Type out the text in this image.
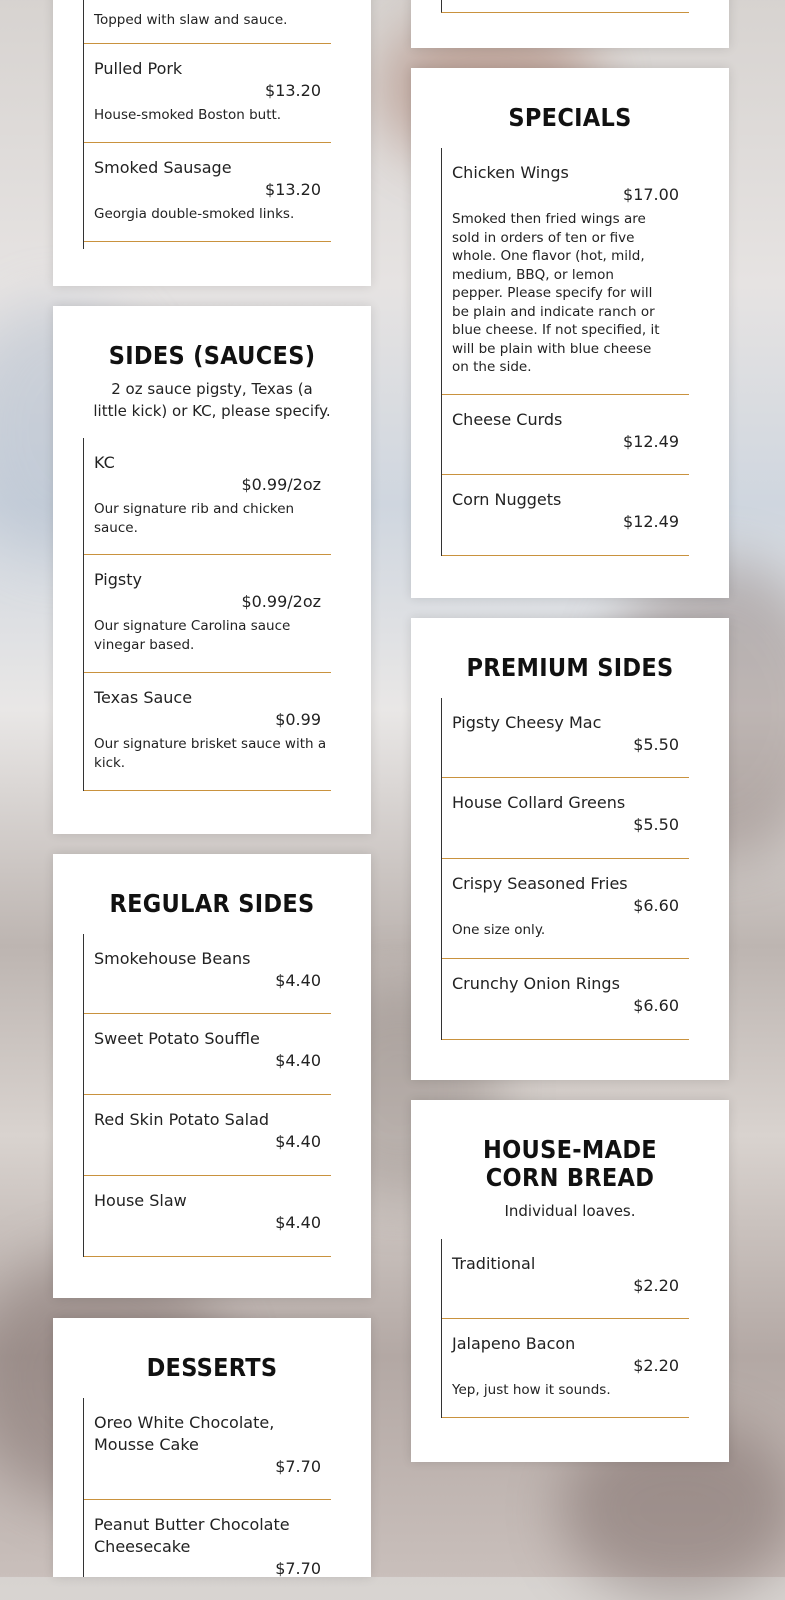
Topped with slaw and sauce.
Pulled Pork
$13.20
House-smoked Boston butt.
Smoked Sausage
$13.20
Georgia double-smoked links.
SIDES (SAUCES)
2 oz sauce pigsty, Texas (a little kick) or KC, please specify.
KC
$0.99/2oz
Our signature rib and chicken sauce.
Pigsty
$0.99/2oz
Our signature Carolina sauce vinegar based.
Texas Sauce
$0.99
Our signature brisket sauce with a kick.
REGULAR SIDES
Smokehouse Beans
$4.40
Sweet Potato Souffle
$4.40
Red Skin Potato Salad
$4.40
House Slaw
$4.40
DESSERTS
Oreo White Chocolate, Mousse Cake
$7.70
Peanut Butter Chocolate Cheesecake
$7.70
SPECIALS
Chicken Wings
$17.00
Smoked then fried wings are sold in orders of ten or five whole. One flavor (hot, mild, medium, BBQ, or lemon pepper. Please specify for will be plain and indicate ranch or blue cheese. If not specified, it will be plain with blue cheese on the side.
Cheese Curds
$12.49
Corn Nuggets
$12.49
PREMIUM SIDES
Pigsty Cheesy Mac
$5.50
House Collard Greens
$5.50
Crispy Seasoned Fries
$6.60
One size only.
Crunchy Onion Rings
$6.60
HOUSE-MADE CORN BREAD
Individual loaves.
Traditional
$2.20
Jalapeno Bacon
$2.20
Yep, just how it sounds.
